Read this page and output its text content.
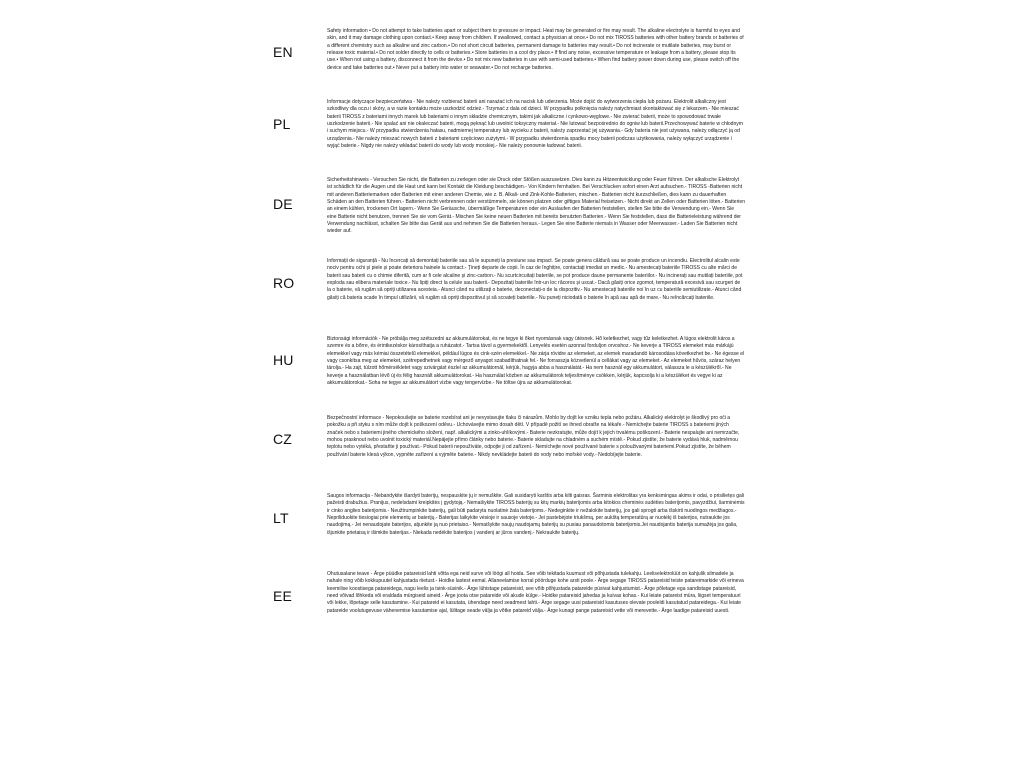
EN

Safety information • Do not attempt to take batteries apart or subject them to pressure or impact. Heat may be generated or fire may result. The alkaline electrolyte is harmful to eyes and skin, and it may damage clothing upon contact.• Keep away from children. If swallowed, contact a physician at once.• Do not mix TIROSS batteries with other battery brands or batteries of a different chemistry such as alkaline and zinc carbon.• Do not short circuit batteries, permanent damage to batteries may result.• Do not incinerate or mutilate batteries, may burst or release toxic material.• Do not solder directly to cells or batteries.• Store batteries in a cool dry place.• If find any noise, excessive temperature or leakage from a battery, please stop its use.• When not using a battery, disconnect it from the device.• Do not mix new batteries in use with semi-used batteries.• When find battery power down during use, please switch off the device and take batteries out.• Never put a battery into water or seawater.• Do not recharge batteries.

PL

Informacje dotyczące bezpieczeństwa - Nie należy rozbierać baterii ani narażać ich na nacisk lub uderzenia. Może dojść do wytworzenia ciepła lub pożaru. Elektrolit alkaliczny jest szkodliwy dla oczu i skóry, a w razie kontaktu może uszkodzić odzież.- Trzymać z dala od dzieci. W przypadku połknięcia należy natychmiast skontaktować się z lekarzem.- Nie mieszać baterii TIROSS z bateriami innych marek lub bateriami o innym składzie chemicznym, takimi jak alkaliczne i cynkowo-węglowe.- Nie zwierać baterii, może to spowodować trwałe uszkodzenie baterii.- Nie spalać ani nie okaleczać baterii, mogą pęknąć lub uwolnić toksyczny materiał.- Nie lutować bezpośrednio do ogniw lub baterii.Przechowywać baterie w chłodnym i suchym miejscu.- W przypadku stwierdzenia hałasu, nadmiernej temperatury lub wycieku z baterii, należy zaprzestać jej używania.- Gdy bateria nie jest używana, należy odłączyć ją od urządzenia.- Nie należy mieszać nowych baterii z bateriami częściowo zużytymi.- W przypadku stwierdzenia spadku mocy baterii podczas użytkowania, należy wyłączyć urządzenie i wyjąć baterie.- Nigdy nie należy wkładać baterii do wody lub wody morskiej.- Nie należy ponownie ładować baterii.

DE

Sicherheitshinweis - Versuchen Sie nicht, die Batterien zu zerlegen oder sie Druck oder Stößen auszusetzen. Dies kann zu Hitzeentwicklung oder Feuer führen. Der alkalische Elektrolyt ist schädlich für die Augen und die Haut und kann bei Kontakt die Kleidung beschädigen.- Von Kindern fernhalten. Bei Verschlucken sofort einen Arzt aufsuchen.- TIROSS -Batterien nicht mit anderen Batteriemarken oder Batterien mit einer anderen Chemie, wie z. B. Alkali- und Zink-Kohle-Batterien, mischen.- Batterien nicht kurzschließen, dies kann zu dauerhaften Schäden an den Batterien führen.- Batterien nicht verbrennen oder verstümmeln, sie können platzen oder giftiges Material freisetzen.- Nicht direkt an Zellen oder Batterien löten.- Batterien an einem kühlen, trockenen Ort lagern.- Wenn Sie Geräusche, übermäßige Temperaturen oder ein Auslaufen der Batterien feststellen, stellen Sie bitte die Verwendung ein.- Wenn Sie eine Batterie nicht benutzen, trennen Sie sie vom Gerät.- Mischen Sie keine neuen Batterien mit bereits benutzten Batterien.- Wenn Sie feststellen, dass die Batterieleistung während der Verwendung nachlässt, schalten Sie bitte das Gerät aus und nehmen Sie die Batterien heraus.- Legen Sie eine Batterie niemals in Wasser oder Meerwasser.- Laden Sie Batterien nicht wieder auf.

RO

Informații de siguranță - Nu încercați să demontați bateriile sau să le supuneți la presiune sau impact. Se poate genera căldură sau se poate produce un incendiu. Electrolitul alcalin este nociv pentru ochi și piele și poate deteriora hainele la contact.- Țineți departe de copii. În caz de înghițire, contactați imediat un medic.- Nu amestecați bateriile TIROSS cu alte mărci de baterii sau baterii cu o chimie diferită, cum ar fi cele alcaline și zinc-carbon.- Nu scurtcircuitați bateriile, se pot produce daune permanente bateriilor.- Nu incinerați sau mutilați bateriile, pot exploda sau elibera materiale toxice.- Nu lipiți direct la celule sau baterii.- Depozitați bateriile într-un loc răcoros și uscat.- Dacă găsiți orice zgomot, temperatură excesivă sau scurgeri de la o baterie, vă rugăm să opriți utilizarea acesteia.- Atunci când nu utilizați o baterie, deconectați-o de la dispozitiv.- Nu amestecați bateriile noi în uz cu bateriile semiutilizate.- Atunci când găsiți că bateria scade în timpul utilizării, vă rugăm să opriți dispozitivul și să scoateți bateriile.- Nu puneți niciodată o baterie în apă sau apă de mare.- Nu reîncărcați bateriile.

HU

Biztonsági információk - Ne próbálja meg szétszedni az akkumulátorokat, és ne tegye ki őket nyomásnak vagy ütésnek. Hő keletkezhet, vagy tűz keletkezhet. A lúgos elektrolit káros a szemre és a bőrre, és érintkezéskor károsíthatja a ruházatot.- Tartsa távol a gyermekektől. Lenyelés esetén azonnal forduljon orvoshoz.- Ne keverje a TIROSS elemeket más márkájú elemekkel vagy más kémiai összetételű elemekkel, például lúgos és cink-szén elemekkel.- Ne zárja rövidre az elemeket, az elemek maradandó károsodása következhet be.- Ne égesse el vagy csonkítsa meg az elemeket, szétrepedhetnek vagy mérgező anyagot szabadíthatnak fel.- Ne forrasszja közvetlenül a cellákat vagy az elemeket.- Az elemeket hűvös, száraz helyen tárolja.- Ha zajt, túlzott hőmérsékletet vagy szivárgást észlel az akkumulátornál, kérjük, hagyja abba a használatát.- Ha nem használ egy akkumulátort, válassza le a készülékről.- Ne keverje a használatban lévő új és félig használt akkumulátorokat.- Ha használat közben az akkumulátorok teljesítménye csökken, kérjük, kapcsolja ki a készüléket és vegye ki az akkumulátorokat.- Soha ne tegye az akkumulátort vízbe vagy tengervízbe.- Ne töltse újra az akkumulátorokat.

CZ

Bezpečnostní informace - Nepokoušejte se baterie rozebírat ani je nevystavujte tlaku či nárazům. Mohlo by dojít ke vzniku tepla nebo požáru. Alkalický elektrolyt je škodlivý pro oči a pokožku a při styku s ním může dojít k poškození oděvu.- Uchovávejte mimo dosah dětí. V případě požití se ihned obraťte na lékaře.- Nemíchejte baterie TIROSS s bateriemi jiných značek nebo s bateriemi jiného chemického složení, např. alkalickými a zinko-uhlíkovými.- Baterie nezkratujte, může dojít k jejich trvalému poškození.- Baterie nespalujte ani nemrzačte, mohou prasknout nebo uvolnit toxický materiál.Nepájejte přímo články nebo baterie.- Baterie skladujte na chladném a suchém místě.- Pokud zjistíte, že baterie vydává hluk, nadměrnou teplotu nebo vytéká, přestaňte ji používat.- Pokud baterii nepoužíváte, odpojte ji od zařízení.- Nemíchejte nové používané baterie s polouživanými bateriemi.Pokud zjistíte, že během používání baterie klesá výkon, vypněte zařízení a vyjměte baterie.- Nikdy nevkládejte baterii do vody nebo mořské vody.- Nedobíjejte baterie.

LT

Saugos informacija - Nebandykite išardyti baterijų, nespauskite jų ir nemuškite. Gali susidaryti karštis arba kilti gaisras. Šarminis elektrolitas yra kenksmingas akims ir odai, o prisilietęs gali pažeisti drabužius. Pranijus, nedelsdami kreipkitės į gydytoją.- Nemaišykite TIROSS baterijų su kitų markių baterijomis arba kitokios cheminės sudėties baterijomis, pavyzdžiui, šarminėmis ir cinko anglies baterijomis.- Neužtrumpinkite baterijų, gali būti padaryta nuolatinė žala baterijoms.- Nedeginkite ir nežalokite baterijų, jos gali sprogti arba išskirti nuodingos medžiagos.- Nepriliduokite tiesiogiai prie elementų ar baterijų.- Baterijas laikykite vėsioje ir sausoje vietoje.- Jei pastebėjote triukšmą, per aukštą temperatūrą ar nuotėkį iš baterijos, nutraukite jos naudojimą.- Jei nenaudojate baterijos, atjunkite ją nuo prietaiso.- Nemaišykite naujų naudojamų baterijų su pusiau panaudotomis baterijomis.Jei naudojantis baterija sumažėja jos galia, išjunkite prietaisą ir išimkite baterijas.- Niekada nedėkite baterijos į vandenį ar jūros vandenį.- Nekraukite baterijų.

EE

Ohutusalane teave - Ärge püüdke patareisid lahti võtta ega neid surve või löögi all hoida. See võib tekitada kuumust või põhjustada tulekahju. Leeliselektrolüüt on kahjulik silmadele ja nahale ning võib kokkupuutel kahjustada riietust.- Hoidke lastest eemal. Allaneelamise korral pöörduge kohe arsti poole.- Ärge segage TIROSS patareisid teiste patareimarkide või erineva keemilise koostisega patareidega, nagu leelis ja tsink-süsinik.- Ärge lühistage patareisid, see võib põhjustada patareide püsivat kahjustumist.- Ärge põletage ega sandistage patareisid, need võivad lõhkeda või eraldada mürgiseid aineid.- Ärge joota otse patareide või akude külge.- Hoidke patareisid jahedas ja kuivas kohas.- Kui leiate patareist müra, liigset temperatuuri või lekke, lõpetage selle kasutamine.- Kui patareid ei kasutata, ühendage need seadmest lahti.- Ärge segage uusi patareisid kasutuses olevate pooleldi kasutatud patareidega.- Kui leiate patareide voolutugevuse vähenemise kasutamise ajal, lülitage seade välja ja võtke patareid välja.- Ärge kunagi pange patareisid vette või merevette.- Ärge laadige patareisid uuesti.
